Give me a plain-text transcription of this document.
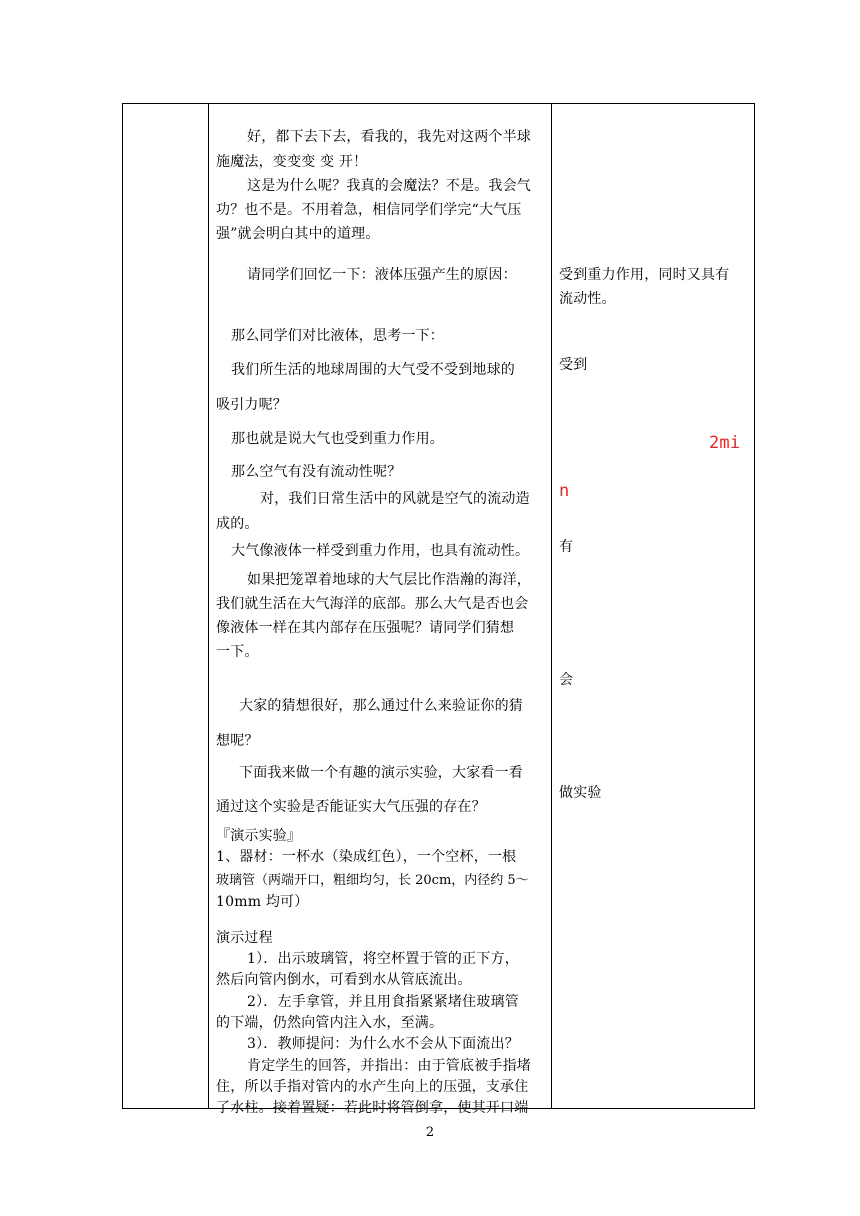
好，都下去下去，看我的，我先对这两个半球
施魔法，变变变 变 开！
这是为什么呢？我真的会魔法？不是。我会气
功？也不是。不用着急，相信同学们学完“大气压
强”就会明白其中的道理。
请同学们回忆一下：液体压强产生的原因：
那么同学们对比液体，思考一下：
我们所生活的地球周围的大气受不受到地球的
吸引力呢？
那也就是说大气也受到重力作用。
那么空气有没有流动性呢？
对，我们日常生活中的风就是空气的流动造
成的。
大气像液体一样受到重力作用，也具有流动性。
如果把笼罩着地球的大气层比作浩瀚的海洋，
我们就生活在大气海洋的底部。那么大气是否也会
像液体一样在其内部存在压强呢？请同学们猜想
一下。
大家的猜想很好，那么通过什么来验证你的猜
想呢？
下面我来做一个有趣的演示实验，大家看一看
通过这个实验是否能证实大气压强的存在？
『演示实验』
1、器材：一杯水（染成红色），一个空杯，一根
玻璃管（两端开口，粗细均匀，长 20cm，内径约 5～
10mm 均可）
演示过程
1）．出示玻璃管，将空杯置于管的正下方，
然后向管内倒水，可看到水从管底流出。
2）．左手拿管，并且用食指紧紧堵住玻璃管
的下端，仍然向管内注入水，至满。
3）．教师提问：为什么水不会从下面流出？
肯定学生的回答，并指出：由于管底被手指堵
住，所以手指对管内的水产生向上的压强，支承住
了水柱。接着置疑：若此时将管倒拿，使其开口端
受到重力作用，同时又具有
流动性。
受到
有
会
做实验
2mi
n
2
